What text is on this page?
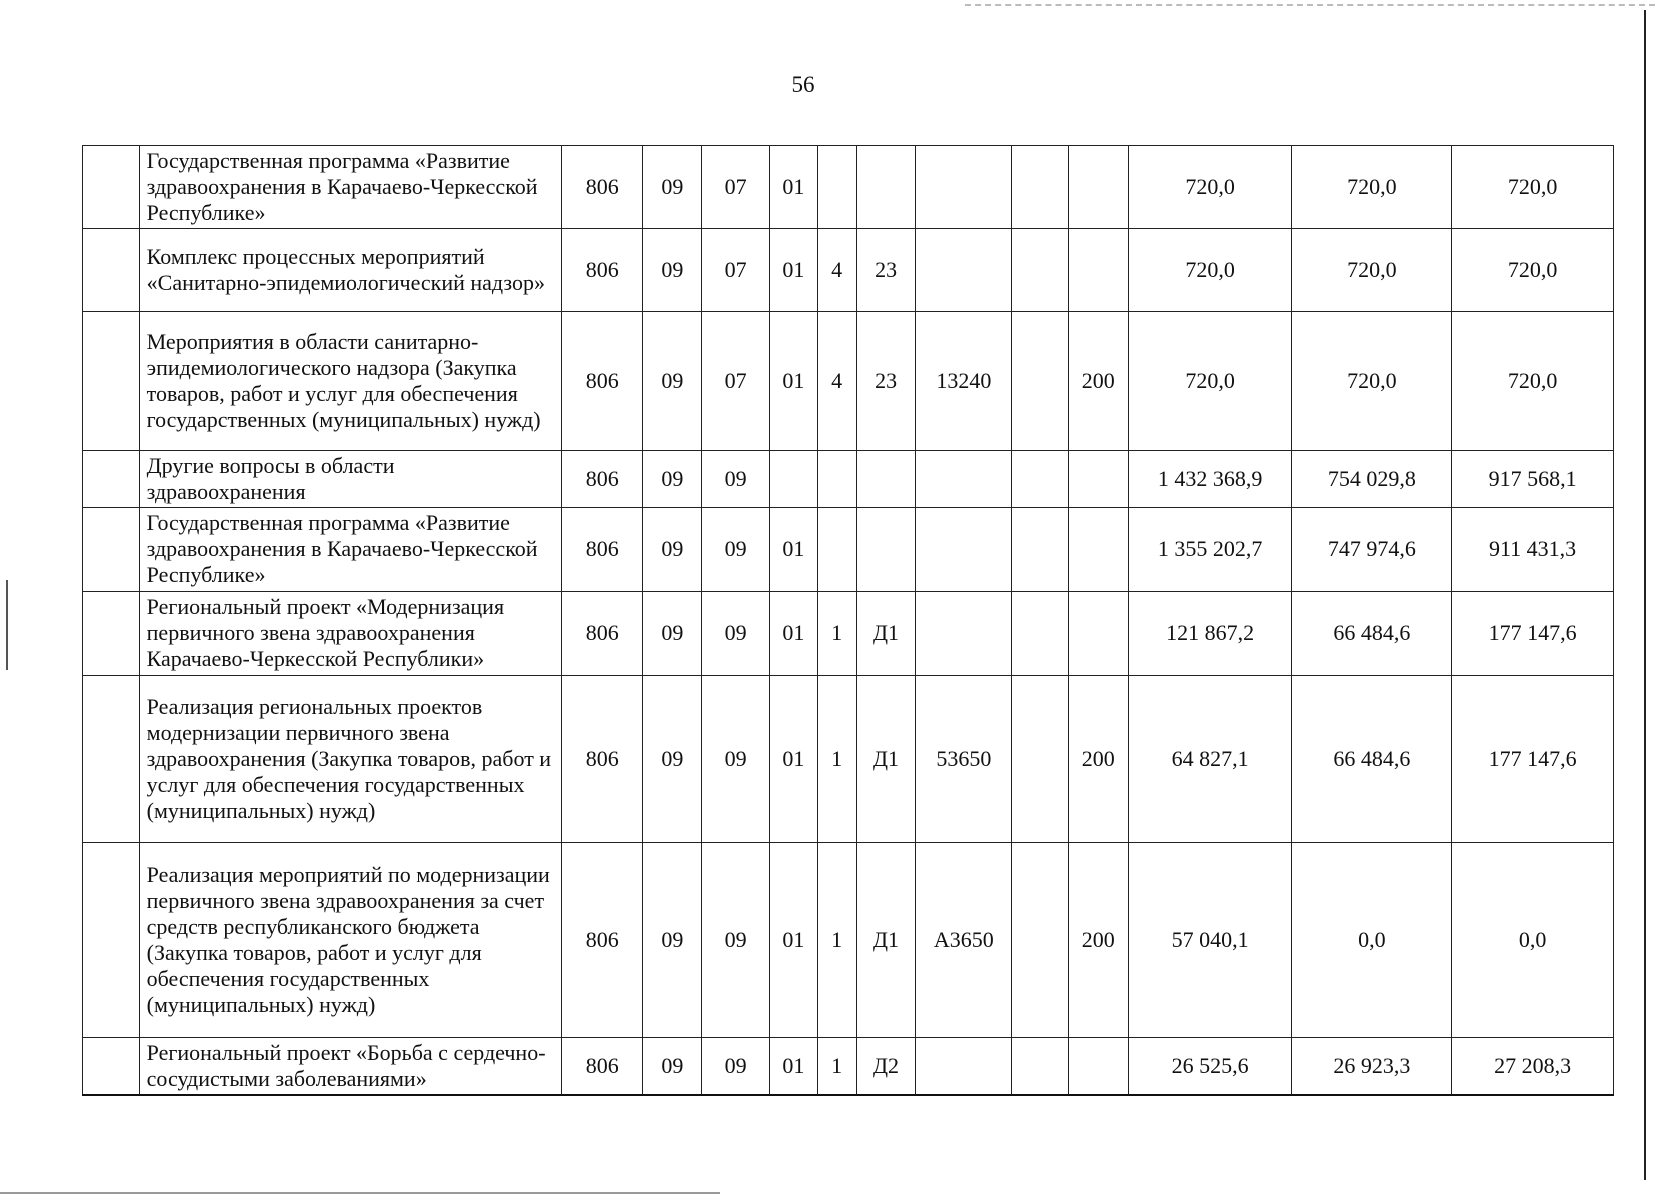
56
	Государственная программа «Развитие здравоохранения в Карачаево-Черкесской Республике»	806	09	07	01						720,0	720,0	720,0
	Комплекс процессных мероприятий «Санитарно-эпидемиологический надзор»	806	09	07	01	4	23				720,0	720,0	720,0
	Мероприятия в области санитарно-эпидемиологического надзора (Закупка товаров, работ и услуг для обеспечения государственных (муниципальных) нужд)	806	09	07	01	4	23	13240		200	720,0	720,0	720,0
	Другие вопросы в области здравоохранения	806	09	09							1 432 368,9	754 029,8	917 568,1
	Государственная программа «Развитие здравоохранения в Карачаево-Черкесской Республике»	806	09	09	01						1 355 202,7	747 974,6	911 431,3
	Региональный проект «Модернизация первичного звена здравоохранения Карачаево-Черкесской Республики»	806	09	09	01	1	Д1				121 867,2	66 484,6	177 147,6
	Реализация региональных проектов модернизации первичного звена здравоохранения (Закупка товаров, работ и услуг для обеспечения государственных (муниципальных) нужд)	806	09	09	01	1	Д1	53650		200	64 827,1	66 484,6	177 147,6
	Реализация мероприятий по модернизации первичного звена здравоохранения за счет средств республиканского бюджета (Закупка товаров, работ и услуг для обеспечения государственных (муниципальных) нужд)	806	09	09	01	1	Д1	А3650		200	57 040,1	0,0	0,0
	Региональный проект «Борьба с сердечно-сосудистыми заболеваниями»	806	09	09	01	1	Д2				26 525,6	26 923,3	27 208,3
